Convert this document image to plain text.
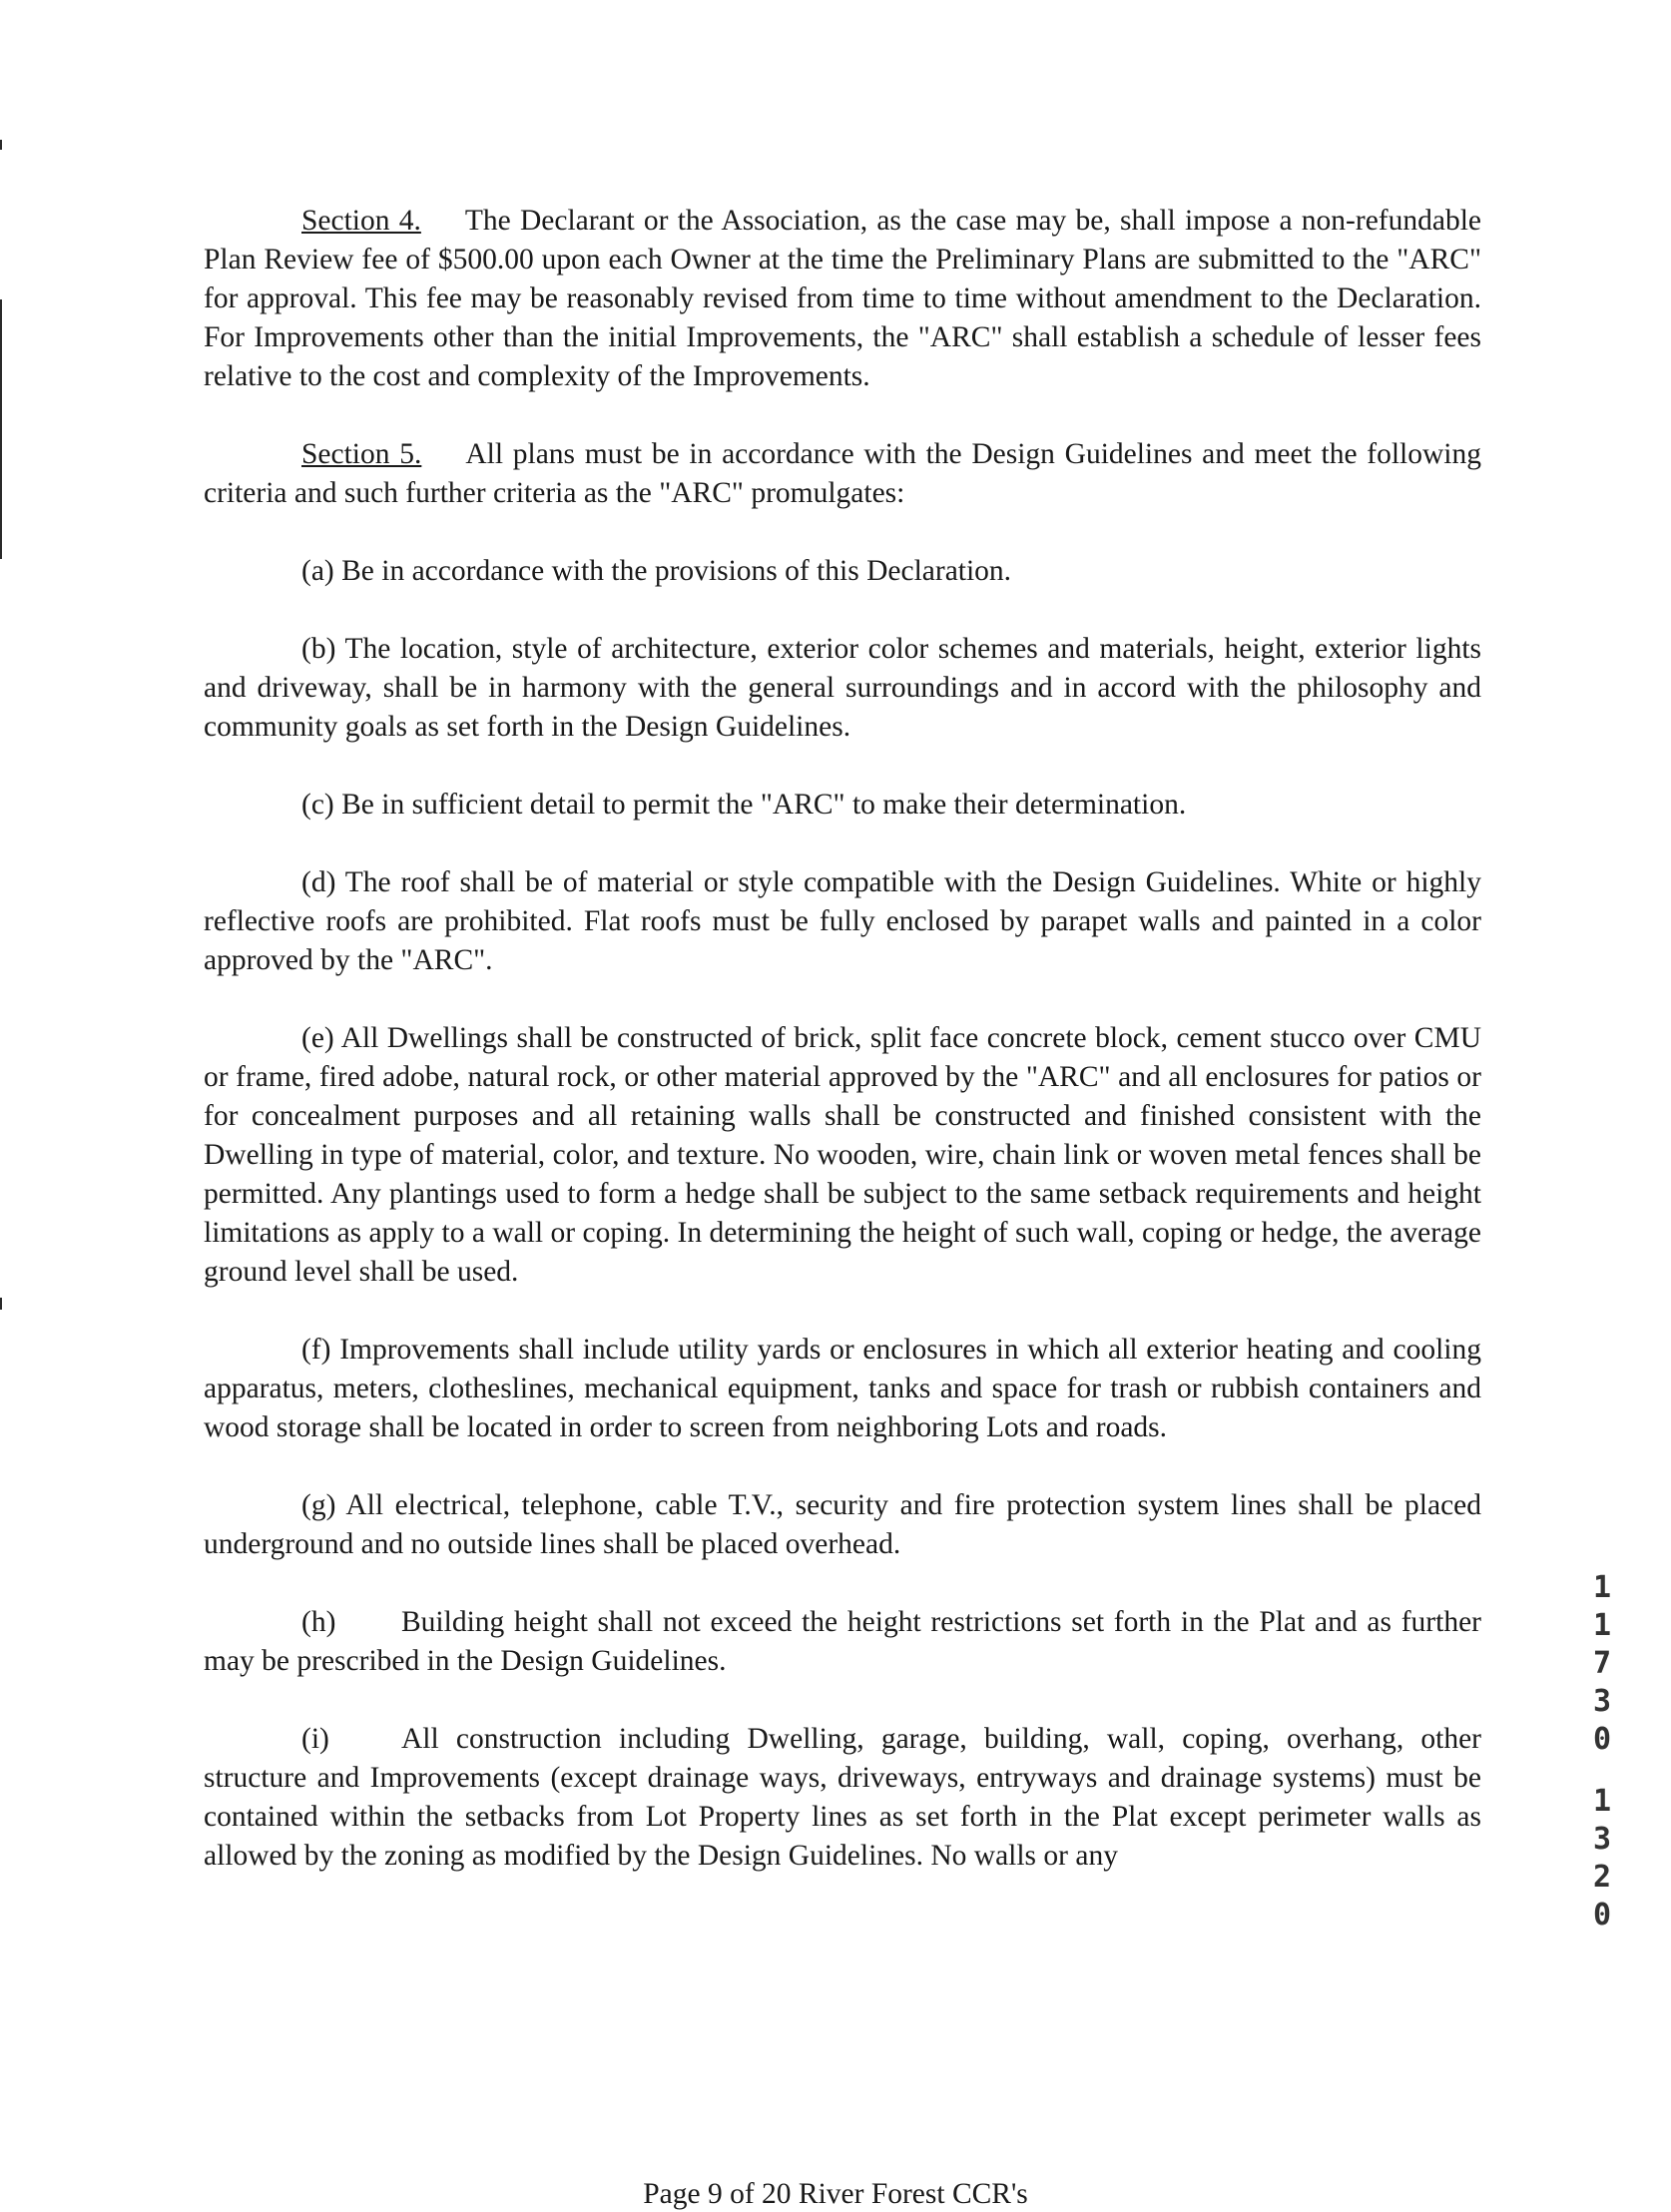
Section 4. The Declarant or the Association, as the case may be, shall impose a non-refundable Plan Review fee of $500.00 upon each Owner at the time the Preliminary Plans are submitted to the "ARC" for approval. This fee may be reasonably revised from time to time without amendment to the Declaration. For Improvements other than the initial Improvements, the "ARC" shall establish a schedule of lesser fees relative to the cost and complexity of the Improvements.

Section 5. All plans must be in accordance with the Design Guidelines and meet the following criteria and such further criteria as the "ARC" promulgates:

(a) Be in accordance with the provisions of this Declaration.

(b) The location, style of architecture, exterior color schemes and materials, height, exterior lights and driveway, shall be in harmony with the general surroundings and in accord with the philosophy and community goals as set forth in the Design Guidelines.

(c) Be in sufficient detail to permit the "ARC" to make their determination.

(d) The roof shall be of material or style compatible with the Design Guidelines. White or highly reflective roofs are prohibited. Flat roofs must be fully enclosed by parapet walls and painted in a color approved by the "ARC".

(e) All Dwellings shall be constructed of brick, split face concrete block, cement stucco over CMU or frame, fired adobe, natural rock, or other material approved by the "ARC" and all enclosures for patios or for concealment purposes and all retaining walls shall be constructed and finished consistent with the Dwelling in type of material, color, and texture. No wooden, wire, chain link or woven metal fences shall be permitted. Any plantings used to form a hedge shall be subject to the same setback requirements and height limitations as apply to a wall or coping. In determining the height of such wall, coping or hedge, the average ground level shall be used.

(f) Improvements shall include utility yards or enclosures in which all exterior heating and cooling apparatus, meters, clotheslines, mechanical equipment, tanks and space for trash or rubbish containers and wood storage shall be located in order to screen from neighboring Lots and roads.

(g) All electrical, telephone, cable T.V., security and fire protection system lines shall be placed underground and no outside lines shall be placed overhead.

(h) Building height shall not exceed the height restrictions set forth in the Plat and as further may be prescribed in the Design Guidelines.

(i) All construction including Dwelling, garage, building, wall, coping, overhang, other structure and Improvements (except drainage ways, driveways, entryways and drainage systems) must be contained within the setbacks from Lot Property lines as set forth in the Plat except perimeter walls as allowed by the zoning as modified by the Design Guidelines. No walls or any

1
1
7
3
0
1
3
2
0
Page 9 of 20 River Forest CCR's
